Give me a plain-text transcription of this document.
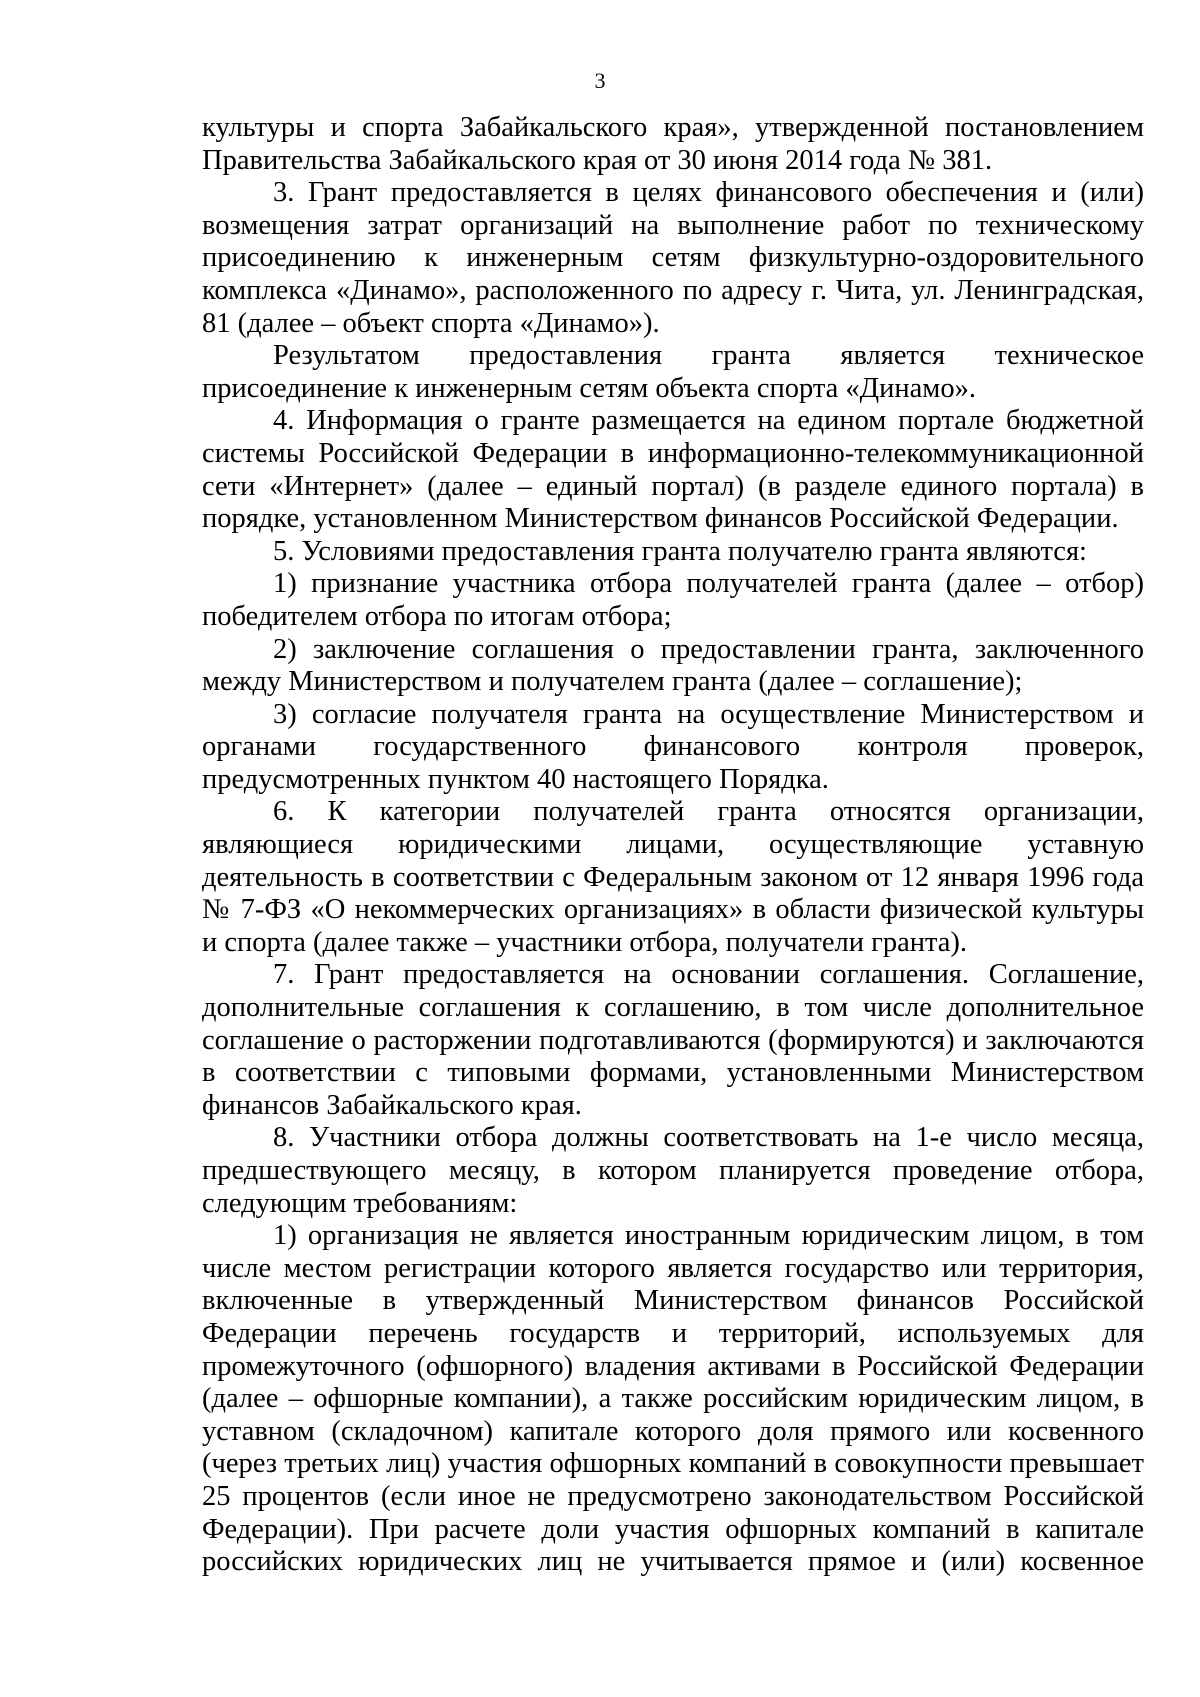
3

культуры и спорта Забайкальского края», утвержденной постановлением Правительства Забайкальского края от 30 июня 2014 года № 381.

3. Грант предоставляется в целях финансового обеспечения и (или) возмещения затрат организаций на выполнение работ по техническому присоединению к инженерным сетям физкультурно-оздоровительного комплекса «Динамо», расположенного по адресу г. Чита, ул. Ленинградская, 81 (далее – объект спорта «Динамо»).

Результатом предоставления гранта является техническое присоединение к инженерным сетям объекта спорта «Динамо».

4. Информация о гранте размещается на едином портале бюджетной системы Российской Федерации в информационно-телекоммуникационной сети «Интернет» (далее – единый портал) (в разделе единого портала) в порядке, установленном Министерством финансов Российской Федерации.

5. Условиями предоставления гранта получателю гранта являются:

1) признание участника отбора получателей гранта (далее – отбор) победителем отбора по итогам отбора;

2) заключение соглашения о предоставлении гранта, заключенного между Министерством и получателем гранта (далее – соглашение);

3) согласие получателя гранта на осуществление Министерством и органами государственного финансового контроля проверок, предусмотренных пунктом 40 настоящего Порядка.

6. К категории получателей гранта относятся организации, являющиеся юридическими лицами, осуществляющие уставную деятельность в соответствии с Федеральным законом от 12 января 1996 года № 7-ФЗ «О некоммерческих организациях» в области физической культуры и спорта (далее также – участники отбора, получатели гранта).

7. Грант предоставляется на основании соглашения. Соглашение, дополнительные соглашения к соглашению, в том числе дополнительное соглашение о расторжении подготавливаются (формируются) и заключаются в соответствии с типовыми формами, установленными Министерством финансов Забайкальского края.

8. Участники отбора должны соответствовать на 1-е число месяца, предшествующего месяцу, в котором планируется проведение отбора, следующим требованиям:

1) организация не является иностранным юридическим лицом, в том числе местом регистрации которого является государство или территория, включенные в утвержденный Министерством финансов Российской Федерации перечень государств и территорий, используемых для промежуточного (офшорного) владения активами в Российской Федерации (далее – офшорные компании), а также российским юридическим лицом, в уставном (складочном) капитале которого доля прямого или косвенного (через третьих лиц) участия офшорных компаний в совокупности превышает 25 процентов (если иное не предусмотрено законодательством Российской Федерации). При расчете доли участия офшорных компаний в капитале российских юридических лиц не учитывается прямое и (или) косвенное
